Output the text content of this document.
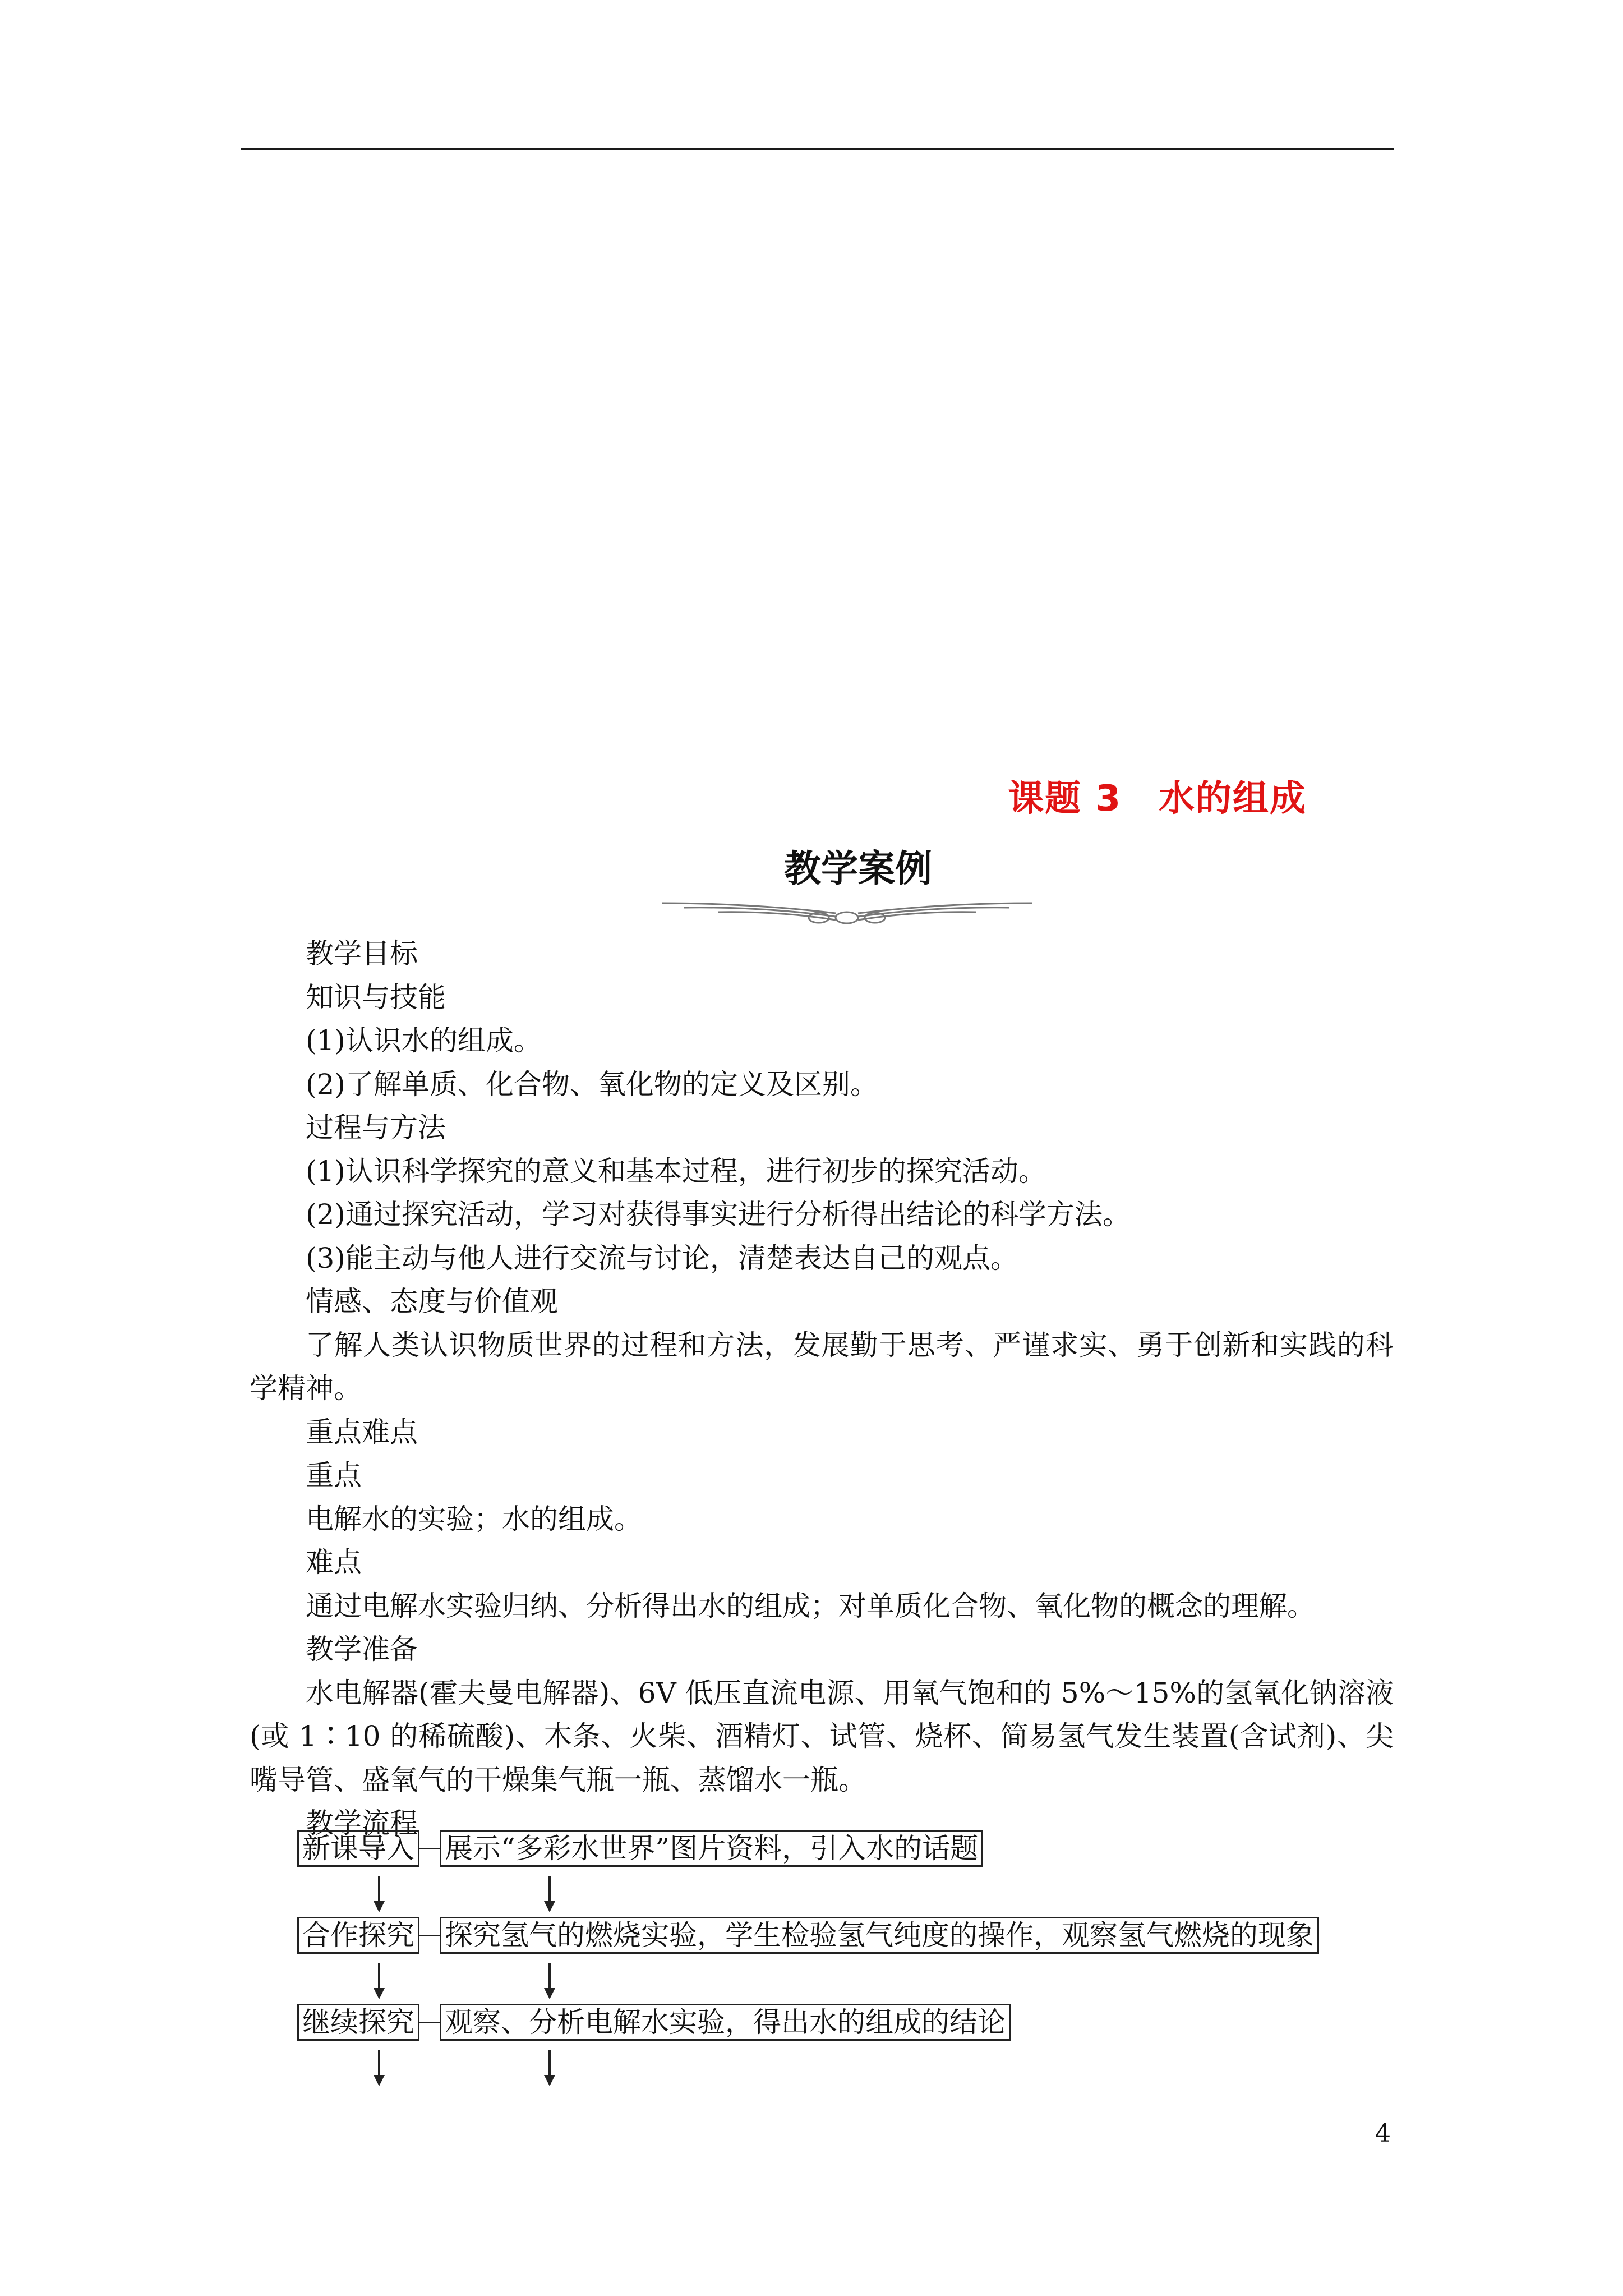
课题 3　水的组成
教学案例

教学目标

知识与技能

(1)认识水的组成。

(2)了解单质、化合物、氧化物的定义及区别。

过程与方法

(1)认识科学探究的意义和基本过程，进行初步的探究活动。

(2)通过探究活动，学习对获得事实进行分析得出结论的科学方法。

(3)能主动与他人进行交流与讨论，清楚表达自己的观点。

情感、态度与价值观

了解人类认识物质世界的过程和方法，发展勤于思考、严谨求实、勇于创新和实践的科学精神。

重点难点

重点

电解水的实验；水的组成。

难点

通过电解水实验归纳、分析得出水的组成；对单质化合物、氧化物的概念的理解。

教学准备

水电解器(霍夫曼电解器)、6V 低压直流电源、用氧气饱和的 5%～15%的氢氧化钠溶液(或 1∶10 的稀硫酸)、木条、火柴、酒精灯、试管、烧杯、简易氢气发生装置(含试剂)、尖嘴导管、盛氧气的干燥集气瓶一瓶、蒸馏水一瓶。

教学流程

新课导入 展示“多彩水世界”图片资料，引入水的话题
合作探究 探究氢气的燃烧实验，学生检验氢气纯度的操作，观察氢气燃烧的现象
继续探究 观察、分析电解水实验，得出水的组成的结论
4
